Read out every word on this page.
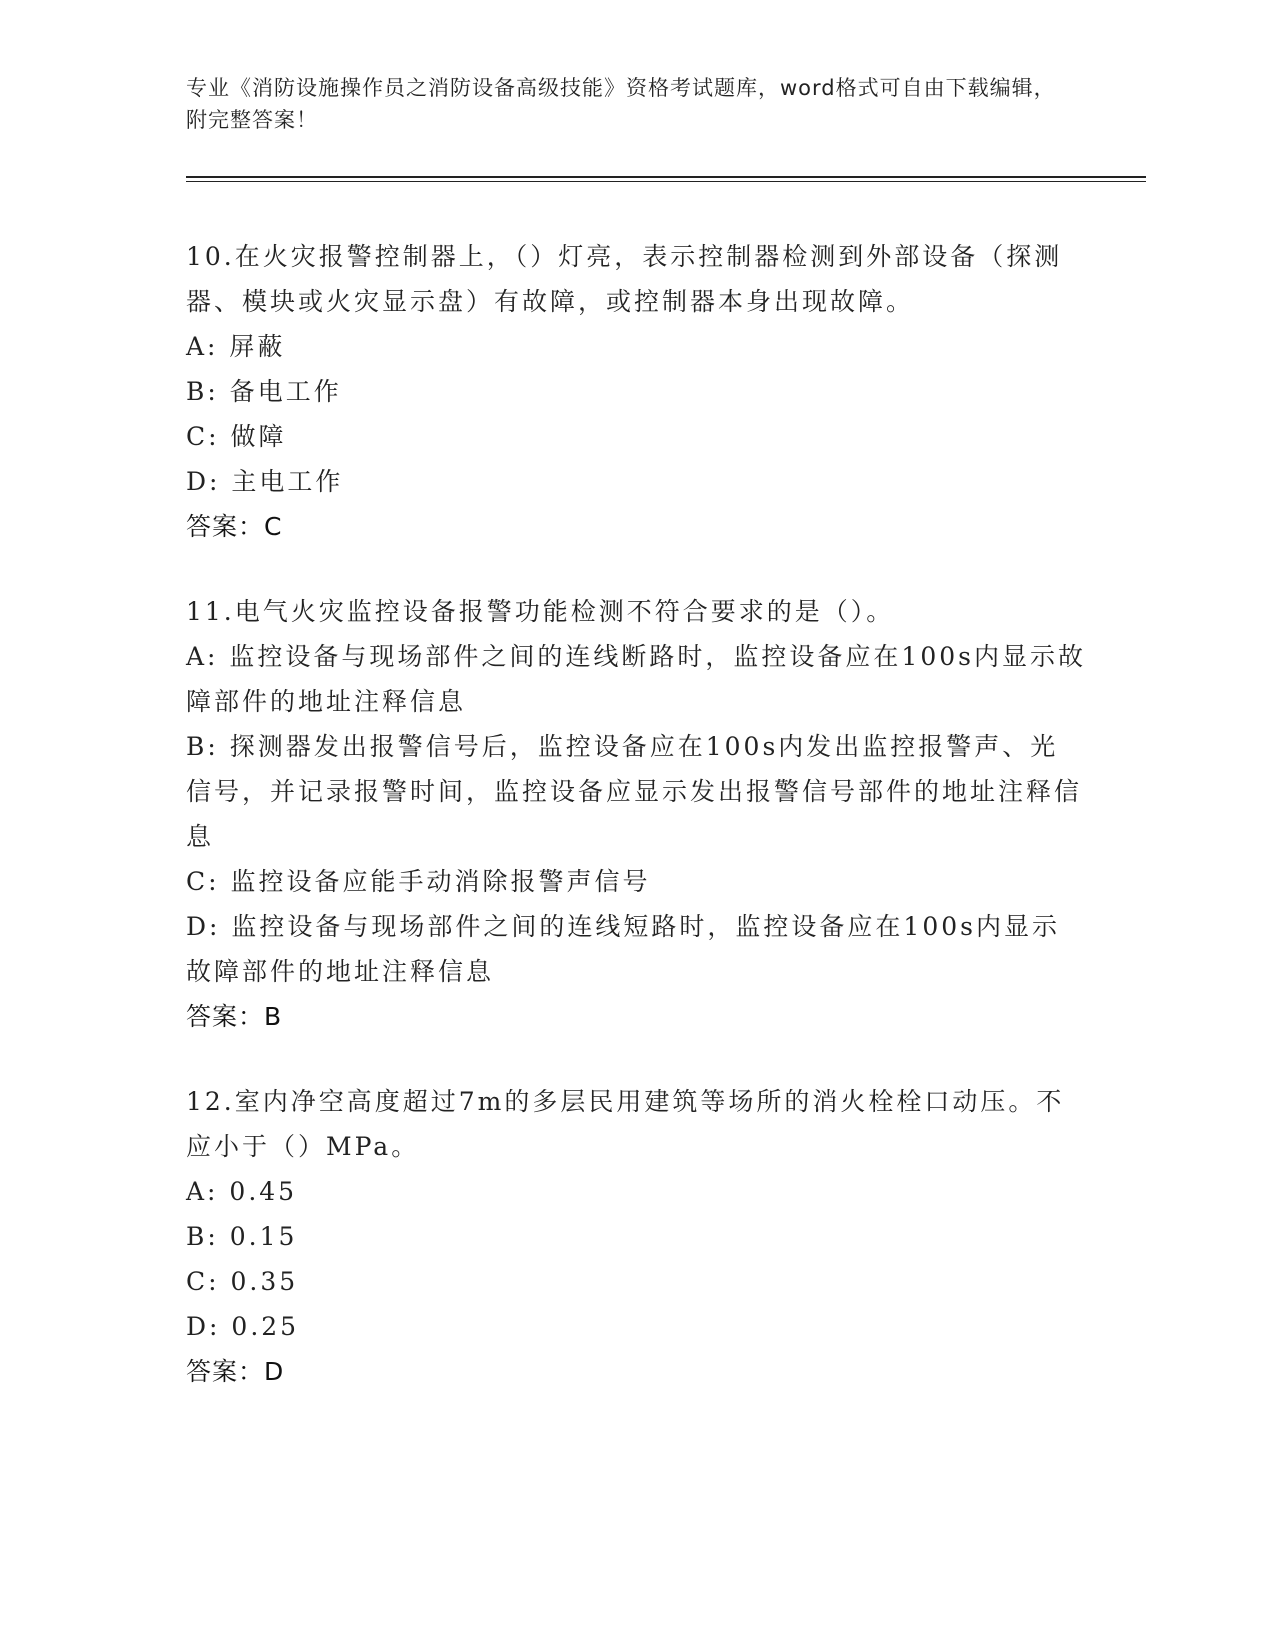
专业《消防设施操作员之消防设备高级技能》资格考试题库，word格式可自由下载编辑，附完整答案！
10.在火灾报警控制器上，（）灯亮，表示控制器检测到外部设备（探测器、模块或火灾显示盘）有故障，或控制器本身出现故障。
A: 屏蔽
B: 备电工作
C: 做障
D: 主电工作
答案：C
11.电气火灾监控设备报警功能检测不符合要求的是（）。
A: 监控设备与现场部件之间的连线断路时，监控设备应在100s内显示故障部件的地址注释信息
B: 探测器发出报警信号后，监控设备应在100s内发出监控报警声、光信号，并记录报警时间，监控设备应显示发出报警信号部件的地址注释信息
C: 监控设备应能手动消除报警声信号
D: 监控设备与现场部件之间的连线短路时，监控设备应在100s内显示故障部件的地址注释信息
答案：B
12.室内净空高度超过7m的多层民用建筑等场所的消火栓栓口动压。不应小于（）MPa。
A: 0.45
B: 0.15
C: 0.35
D: 0.25
答案：D
